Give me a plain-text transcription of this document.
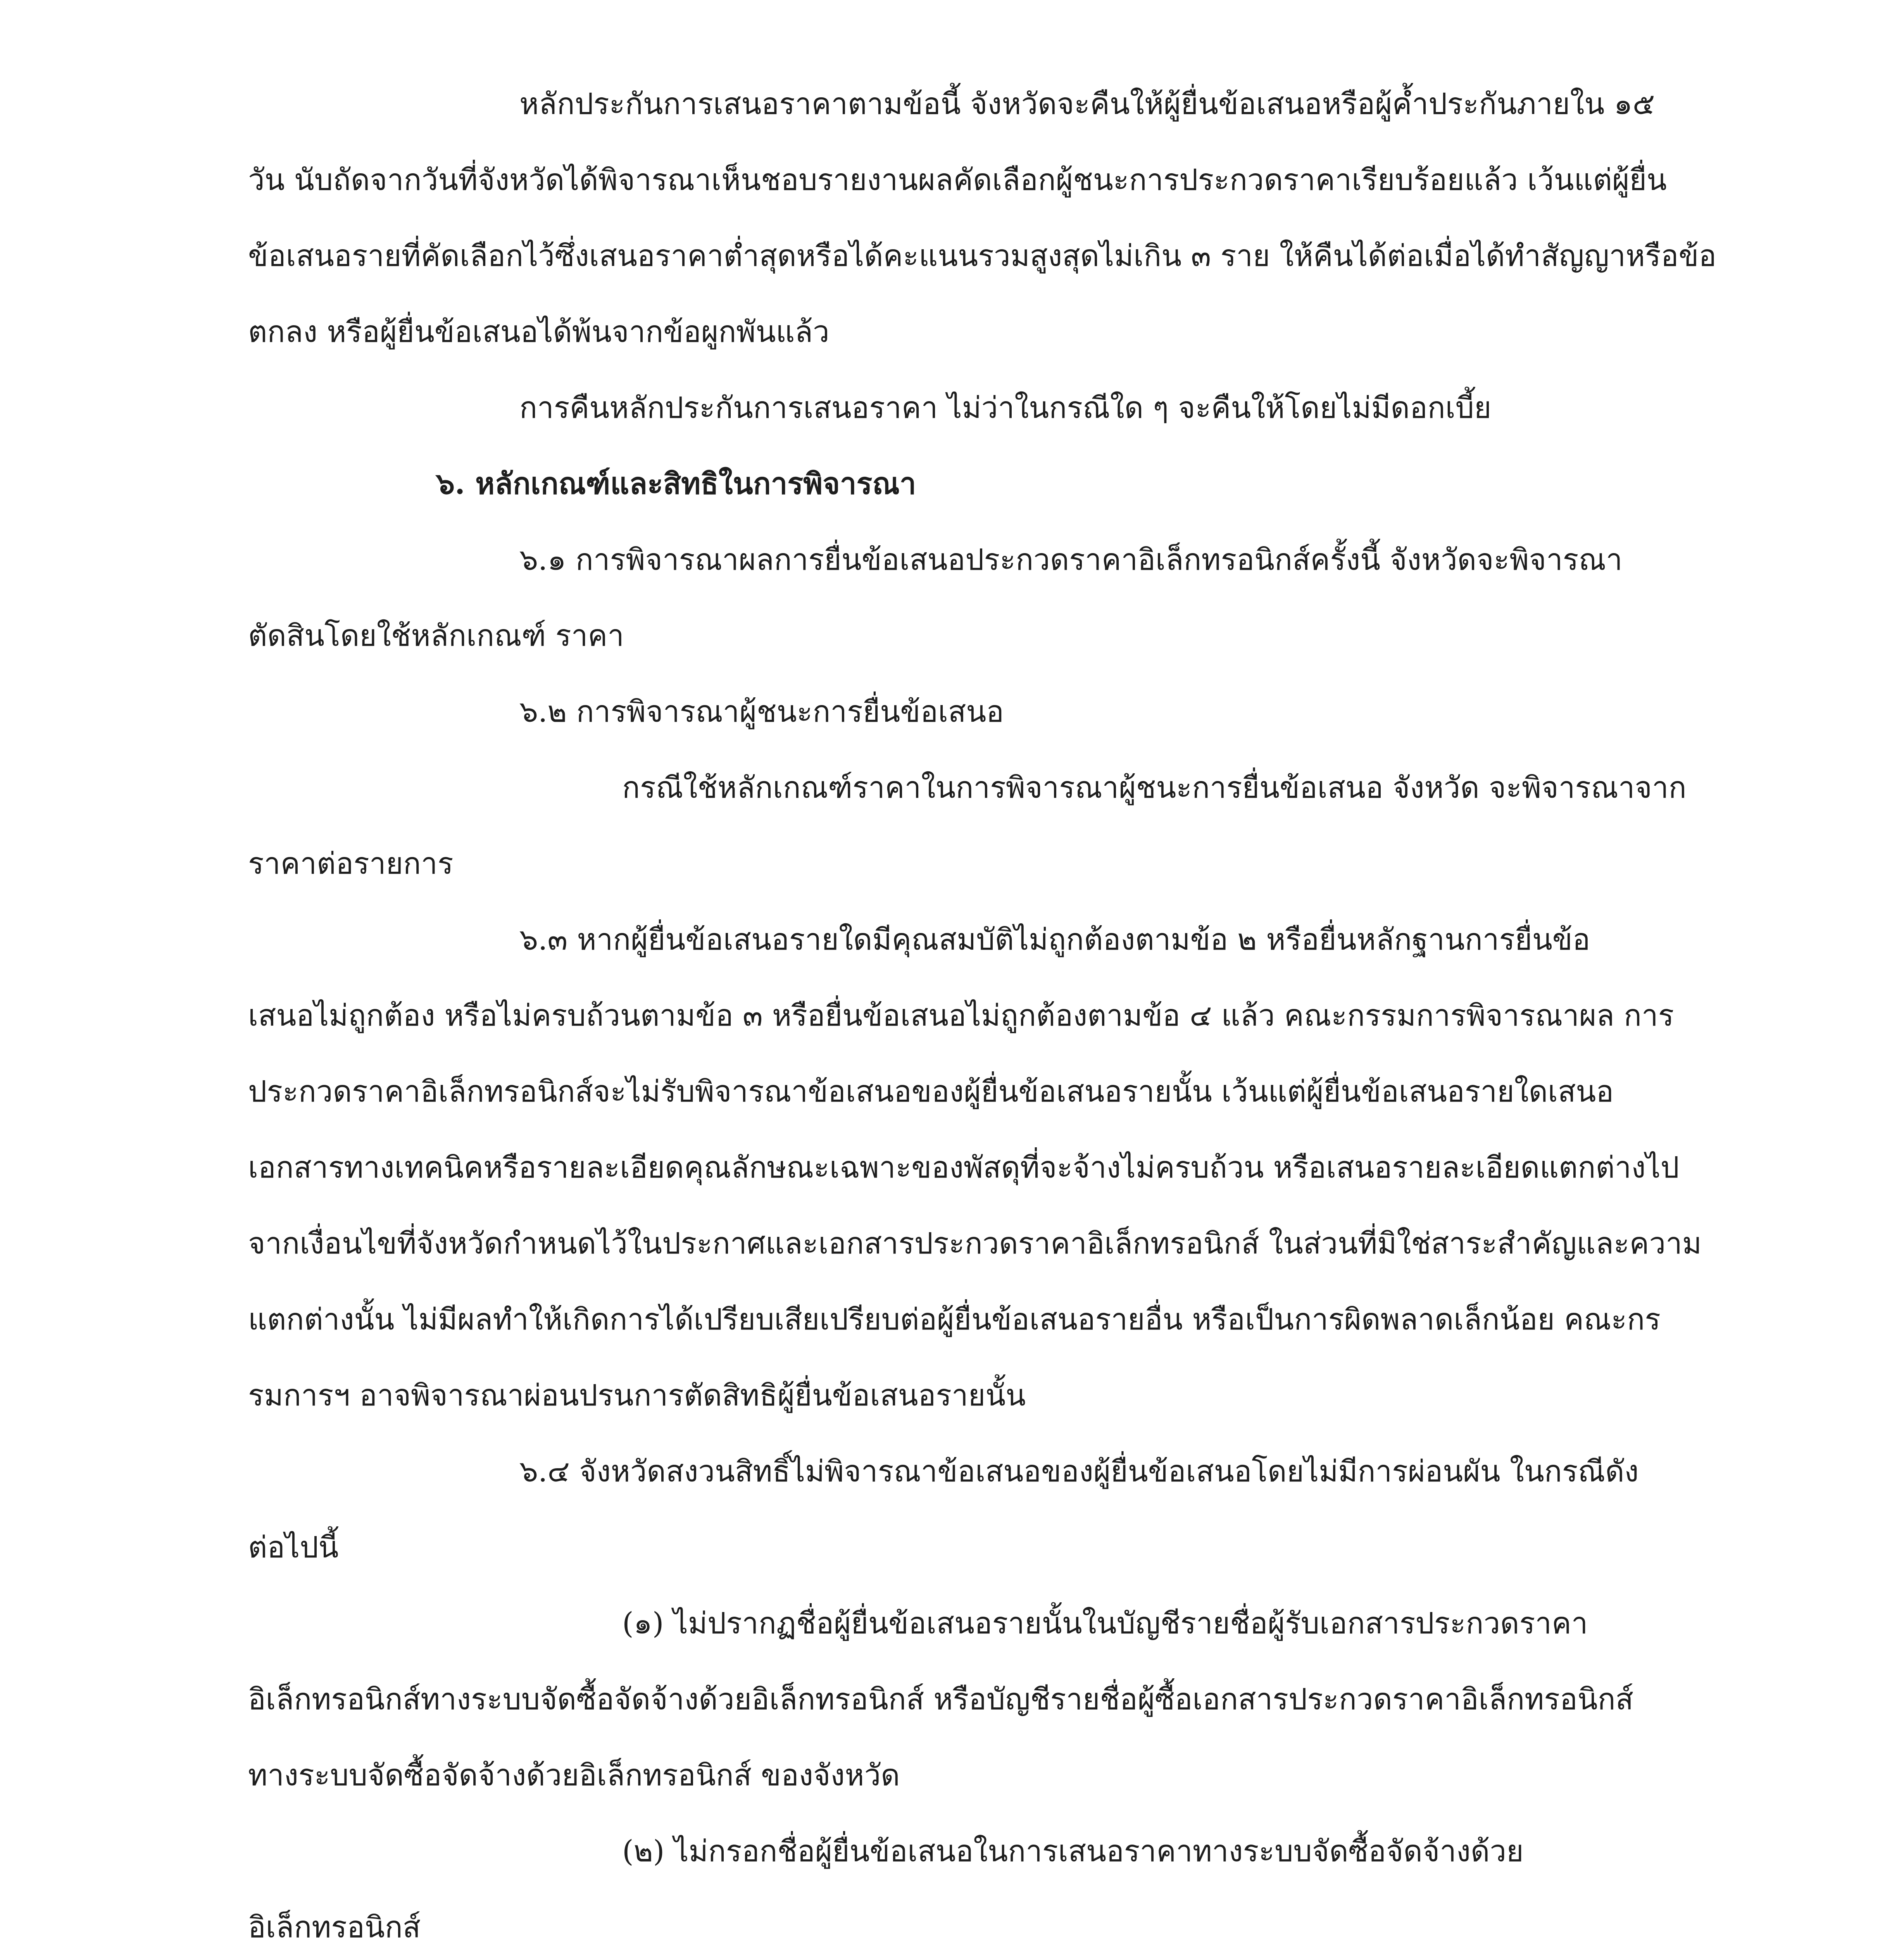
หลักประกันการเสนอราคาตามข้อนี้ จังหวัดจะคืนให้ผู้ยื่นข้อเสนอหรือผู้ค้ำประกันภายใน ๑๕

วัน นับถัดจากวันที่จังหวัดได้พิจารณาเห็นชอบรายงานผลคัดเลือกผู้ชนะการประกวดราคาเรียบร้อยแล้ว เว้นแต่ผู้ยื่น

ข้อเสนอรายที่คัดเลือกไว้ซึ่งเสนอราคาต่ำสุดหรือได้คะแนนรวมสูงสุดไม่เกิน ๓ ราย ให้คืนได้ต่อเมื่อได้ทำสัญญาหรือข้อ

ตกลง หรือผู้ยื่นข้อเสนอได้พ้นจากข้อผูกพันแล้ว

การคืนหลักประกันการเสนอราคา ไม่ว่าในกรณีใด ๆ จะคืนให้โดยไม่มีดอกเบี้ย

๖. หลักเกณฑ์และสิทธิในการพิจารณา

๖.๑ การพิจารณาผลการยื่นข้อเสนอประกวดราคาอิเล็กทรอนิกส์ครั้งนี้ จังหวัดจะพิจารณา

ตัดสินโดยใช้หลักเกณฑ์ ราคา

๖.๒ การพิจารณาผู้ชนะการยื่นข้อเสนอ

กรณีใช้หลักเกณฑ์ราคาในการพิจารณาผู้ชนะการยื่นข้อเสนอ จังหวัด จะพิจารณาจาก

ราคาต่อรายการ

๖.๓ หากผู้ยื่นข้อเสนอรายใดมีคุณสมบัติไม่ถูกต้องตามข้อ ๒ หรือยื่นหลักฐานการยื่นข้อ

เสนอไม่ถูกต้อง หรือไม่ครบถ้วนตามข้อ ๓ หรือยื่นข้อเสนอไม่ถูกต้องตามข้อ ๔ แล้ว คณะกรรมการพิจารณาผล การ

ประกวดราคาอิเล็กทรอนิกส์จะไม่รับพิจารณาข้อเสนอของผู้ยื่นข้อเสนอรายนั้น เว้นแต่ผู้ยื่นข้อเสนอรายใดเสนอ

เอกสารทางเทคนิคหรือรายละเอียดคุณลักษณะเฉพาะของพัสดุที่จะจ้างไม่ครบถ้วน หรือเสนอรายละเอียดแตกต่างไป

จากเงื่อนไขที่จังหวัดกำหนดไว้ในประกาศและเอกสารประกวดราคาอิเล็กทรอนิกส์ ในส่วนที่มิใช่สาระสำคัญและความ

แตกต่างนั้น ไม่มีผลทำให้เกิดการได้เปรียบเสียเปรียบต่อผู้ยื่นข้อเสนอรายอื่น หรือเป็นการผิดพลาดเล็กน้อย คณะกร

รมการฯ อาจพิจารณาผ่อนปรนการตัดสิทธิผู้ยื่นข้อเสนอรายนั้น

๖.๔ จังหวัดสงวนสิทธิ์ไม่พิจารณาข้อเสนอของผู้ยื่นข้อเสนอโดยไม่มีการผ่อนผัน ในกรณีดัง

ต่อไปนี้

(๑) ไม่ปรากฏชื่อผู้ยื่นข้อเสนอรายนั้นในบัญชีรายชื่อผู้รับเอกสารประกวดราคา

อิเล็กทรอนิกส์ทางระบบจัดซื้อจัดจ้างด้วยอิเล็กทรอนิกส์ หรือบัญชีรายชื่อผู้ซื้อเอกสารประกวดราคาอิเล็กทรอนิกส์

ทางระบบจัดซื้อจัดจ้างด้วยอิเล็กทรอนิกส์ ของจังหวัด

(๒) ไม่กรอกชื่อผู้ยื่นข้อเสนอในการเสนอราคาทางระบบจัดซื้อจัดจ้างด้วย

อิเล็กทรอนิกส์
